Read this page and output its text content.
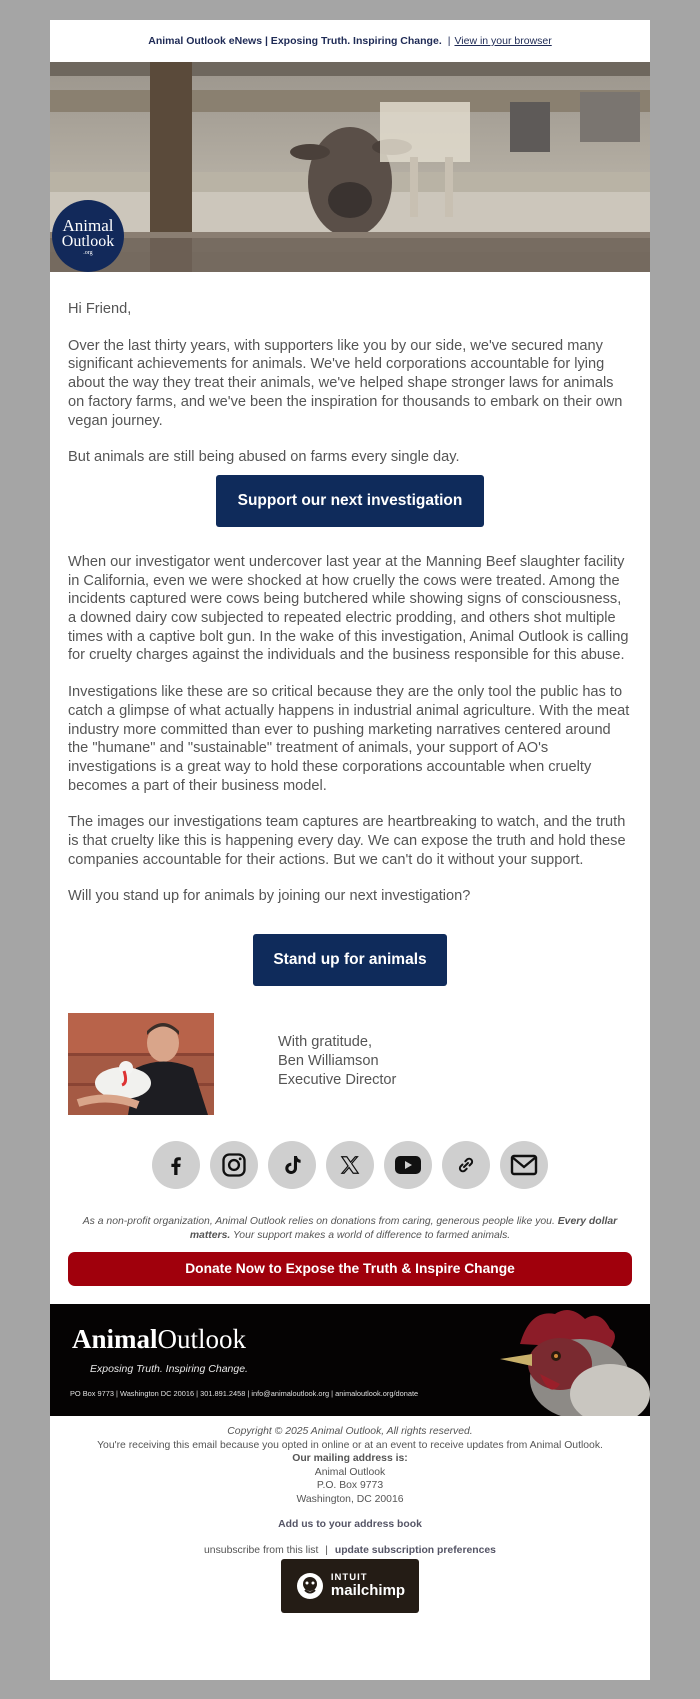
Animal Outlook eNews | Exposing Truth. Inspiring Change. | View in your browser
Animal
Outlook
.org

Hi Friend,

Over the last thirty years, with supporters like you by our side, we've secured many significant achievements for animals. We've held corporations accountable for lying about the way they treat their animals, we've helped shape stronger laws for animals on factory farms, and we've been the inspiration for thousands to embark on their own vegan journey.

But animals are still being abused on farms every single day.

Support our next investigation

When our investigator went undercover last year at the Manning Beef slaughter facility in California, even we were shocked at how cruelly the cows were treated. Among the incidents captured were cows being butchered while showing signs of consciousness, a downed dairy cow subjected to repeated electric prodding, and others shot multiple times with a captive bolt gun. In the wake of this investigation, Animal Outlook is calling for cruelty charges against the individuals and the business responsible for this abuse.

Investigations like these are so critical because they are the only tool the public has to catch a glimpse of what actually happens in industrial animal agriculture. With the meat industry more committed than ever to pushing marketing narratives centered around the "humane" and "sustainable" treatment of animals, your support of AO's investigations is a great way to hold these corporations accountable when cruelty becomes a part of their business model.

The images our investigations team captures are heartbreaking to watch, and the truth is that cruelty like this is happening every day. We can expose the truth and hold these companies accountable for their actions. But we can't do it without your support.

Will you stand up for animals by joining our next investigation?

Stand up for animals
With gratitude,
Ben Williamson
Executive Director
As a non-profit organization, Animal Outlook relies on donations from caring, generous people like you. Every dollar matters. Your support makes a world of difference to farmed animals.
Donate Now to Expose the Truth & Inspire Change
AnimalOutlook
Exposing Truth. Inspiring Change.
PO Box 9773 | Washington DC 20016 | 301.891.2458 | info@animaloutlook.org | animaloutlook.org/donate
Copyright © 2025 Animal Outlook, All rights reserved.
You're receiving this email because you opted in online or at an event to receive updates from Animal Outlook.
Our mailing address is:
Animal Outlook
P.O. Box 9773
Washington, DC 20016
Add us to your address book
unsubscribe from this list | update subscription preferences
INTUIT
mailchimp
